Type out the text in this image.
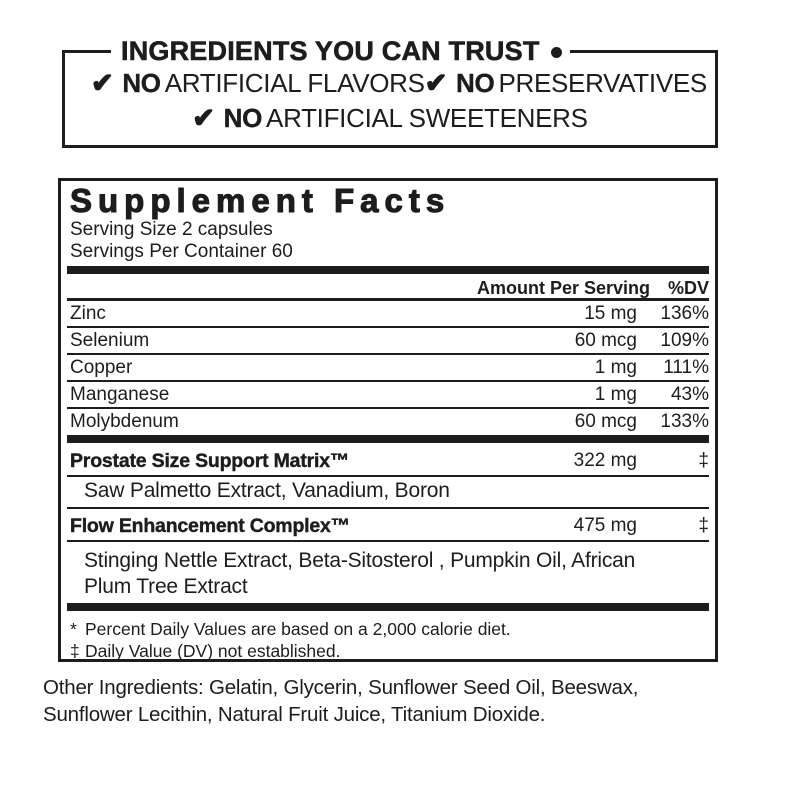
INGREDIENTS YOU CAN TRUST
✔ NO ARTIFICIAL FLAVORS ✔ NO PRESERVATIVES
✔ NO ARTIFICIAL SWEETENERS
Supplement Facts
Serving Size 2 capsules
Servings Per Container 60
Amount Per Serving %DV
Zinc	15 mg	136%
Selenium	60 mcg	109%
Copper	1 mg	111%
Manganese	1 mg	43%
Molybdenum	60 mcg	133%
Prostate Size Support Matrix™	322 mg	‡
Saw Palmetto Extract, Vanadium, Boron
Flow Enhancement Complex™	475 mg	‡
Stinging Nettle Extract, Beta-Sitosterol , Pumpkin Oil, African
Plum Tree Extract
* Percent Daily Values are based on a 2,000 calorie diet.
‡ Daily Value (DV) not established.
Other Ingredients: Gelatin, Glycerin, Sunflower Seed Oil, Beeswax,
Sunflower Lecithin, Natural Fruit Juice, Titanium Dioxide.
